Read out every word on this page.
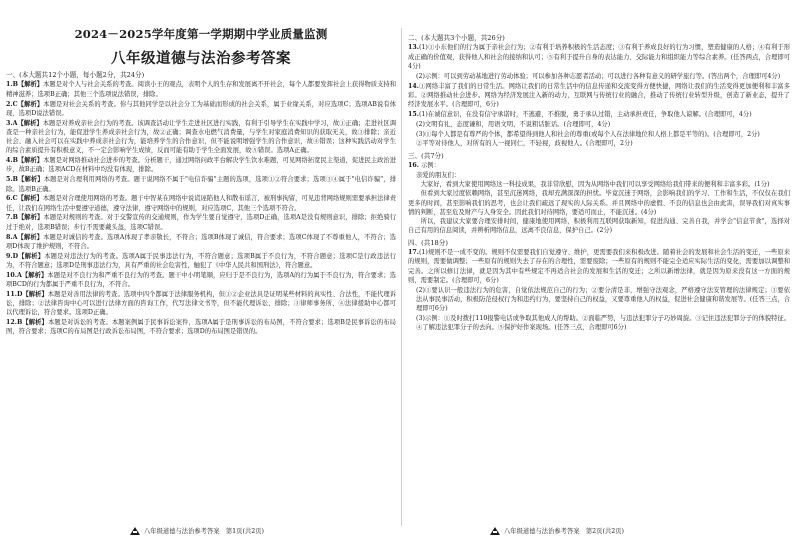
2024－2025学年度第一学期期中学业质量监测
八年级道德与法治参考答案
一、(本大题共12个小题，每小题2分，共24分)
1.B【解析】本题是对个人与社会关系的考查。阅读小王的观点，表明个人的生存和发展离不开社会，每个人都要发挥社会上获得物质支持和精神滋养；选项B正确；其他三个选项说法错误，排除。
2.C【解析】本题是对社会关系的考查。你与其他同学是以社会分工为基础而形成的社会关系，属于业缘关系，对应选项C；选项AB说有体现，选项D说法错误。
3.A【解析】本题是对养成亲社会行为的考查。该调查活动让学生走进社区进行实践，有利于引导学生在实践中学习，故①正确；走进社区调查是一种亲社会行为，能促进学生养成亲社会行为，故②正确；调查水电燃气消费量，与学生对家庭消费知识的获取无关，故③排除；亲近社会、融入社会可以在实践中养成亲社会行为，能培养学生的合作意识，但不能说明增强学生的合作意识，故④错误；这种实践活动对学生的综合素质提升有积极意义，不一定会影响学生成绩，反而可能有助于学生全面发展，故⑤错误。选项A正确。
4.B【解析】本题是对网络推动社会进步的考查。分析题干，通过网络问政平台解决学生饮水难题，可见网络拓宽民主渠道，促进民主政治进步，故B正确；选项ACD在材料中均没有体现，排除。
5.B【解析】本题是对合理利用网络的考查。题干说网络不属于"电信诈骗"主题的选项，选项①②符合要求；选项③④属于"电信诈骗"，排除。选项B正确。
6.C【解析】本题是对合理使用网络的考查。题干中智某在网络中说谎诬陷他人和散布谣言，被刑事拘留，可见违背网络规则需要承担法律责任，让我们在网络生活中要遵守道德，遵守法律，遵守网络中的规则，对应选项C，其他三个选项不符合。
7.B【解析】本题是对规则的考查。对于交警宣传的交通规则，作为学生要自觉遵守，选项D正确，选项A是没有规则意识，排除；拒绝骑行过于绝对，选项B错误；步行不需要戴头盔，选项C错误。
8.A【解析】本题是对诚信的考查。选项A体现了孝亲敬长，不符合；选项B体现了诚信，符合要求；选项C体现了不尊重他人，不符合；选项D体现了维护规则，不符合。
9.D【解析】本题是对违法行为的考查。选项A属于民事违法行为，不符合题意；选项B属于不良行为，不符合题意；选项C是行政违法行为，不符合题意；选项D是刑事违法行为，具有严重的社会危害性，触犯了《中华人民共和国刑法》，符合题意。
10.A【解析】本题是对不良行为和严重不良行为的考查。题干中小明笔顺，应归于是不良行为，选项A的行为属于不良行为，符合要求；选项BCD的行为都属于严重不良行为，不符合。
11.D【解析】本题是对善用法律的考查。选项中四个都属于法律服务机构，但①②企业法具是证明某些材料的真实性、合法性，不能代理诉讼，排除；②法律咨询中心可以进行法律方面的咨询工作，代写法律文书等，但不能代理诉讼，排除；③律师事务所、④法律援助中心都可以代理诉讼，符合要求。选项D正确。
12.B【解析】本题是对诉讼的考查。本题案例属于民事诉讼案件，选项A属于是刑事诉讼的布局图，不符合要求；选项B是民事诉讼的布局图，符合要求；选项C的布局图是行政诉讼布局图，不符合要求；选项D的布局图是错误的。
二、(本大题共3个小题，共26分)
13.(1)①小东他们的行为属于亲社会行为；②有利于培养积极的生活态度；③有利于养成良好的行为习惯，塑造健康的人格；④有利于形成正确的价值观，获得他人和社会的接纳和认可；⑤有利于提升自身的表达能力、交际能力和组织能力等综合素养。(任答两点，合理即可4分)
(2)示例：可以到劳动基地进行劳动体验；可以参加各种志愿者活动；可以进行各种有意义的研学旅行等。(答出两个，合理即可4分)
14.①网络丰富了我们的日常生活。网络让我们的日常生活中的信息传递和交流变得方便快捷，网络让我们的生活变得更加便利和丰富多彩。②网络推动社会进步。网络为经济发展注入新的动力，互联网与传统行业的融合，推动了传统行业转型升级，创造了新业态，提升了经济发展水平。(合理即可，6分)
15.(1)在诚信意识，在没有信守承诺时，不逃避，不推脱，勇于承认过错，主动承担责任，争取他人谅解。(合理即可，4分)
(2)文明有礼，态度谦和，用语文明，不说粗话脏话。(合理即可，4分)
(3)①每个人都是有尊严的个体，都希望得到他人和社会的尊重(或每个人在法律地位和人格上都是平等的)。(合理即可，2分)
②平等对待他人，对所有的人一视同仁，不轻视，歧视他人。(合理即可，2分)
三、(共7分)
16. 示例：
亲爱的朋友们：

大家好，看到大家使用网络这一科技成果，我非常欣慰，因为从网络中我们可以享受网络给我们带来的便利和丰富多彩。(1分)

但看到大家过度依赖网络，甚至沉迷网络，我却充满深深的担忧。毕竟沉迷于网络，会影响我们的学习、工作和生活，不仅仅在我们更多的时间，甚至影响我们的思考，也会让我们疏远了现实的人际关系。并且网络中的虚假、不良的信息也会由此害，误导我们对真实事情的判断，甚至危及财产与人身安全。因此我们对待网络，要适可而止，不能沉迷。(4分)

所以，我建议大家要合理安排时间，健康地使用网络，积极利用互联网获取新知，促进沟通、完善自我，并学会"信息节食"，选择对自己有用的信息阅读，并辨析网络信息，远离不良信息，保护自己。(2分)

四、(共18分)
17.(1)规则不是一成不变的。规则不仅需要我们自觉遵守、维护，更需要我们来积极改进。随着社会的发展和社会生活的变迁，一些原来的规则，需要做调整；一些原有的规则失去了存在的合理性，需要废除；一些原有的规则不能完全适应实际生活的变化，需要加以调整和完善。之所以修订法律，就是因为其中有些规定不再适合社会的发展和生活的变迁；之所以新增法律，就是因为原来没有这一方面的规则，需要制定。(合理即可，6分)
(2)①要认识一般违法行为的危害，自觉依法规范自己的行为；②要分清是非，增强守法观念，严格遵守法安管理的法律规定；③要依法从事民事活动，积极防范侵权行为和违约行为，要坚持自己的权益，又要尊重他人的权益，促进社会健康和谐发展等。(任答三点，合理即可6分)
(3)示例：①及时拨打110报警电话或争取其他成人的帮助。②面临严势，与违法犯罪分子巧妙周旋。③记住违法犯罪分子的体貌特征。④了解违法犯罪分子的去向。⑤保护好作案现场。(任答三点，合理即可6分)
八年级道德与法治参考答案　第1页(共2页)	八年级道德与法治参考答案　第2页(共2页)
